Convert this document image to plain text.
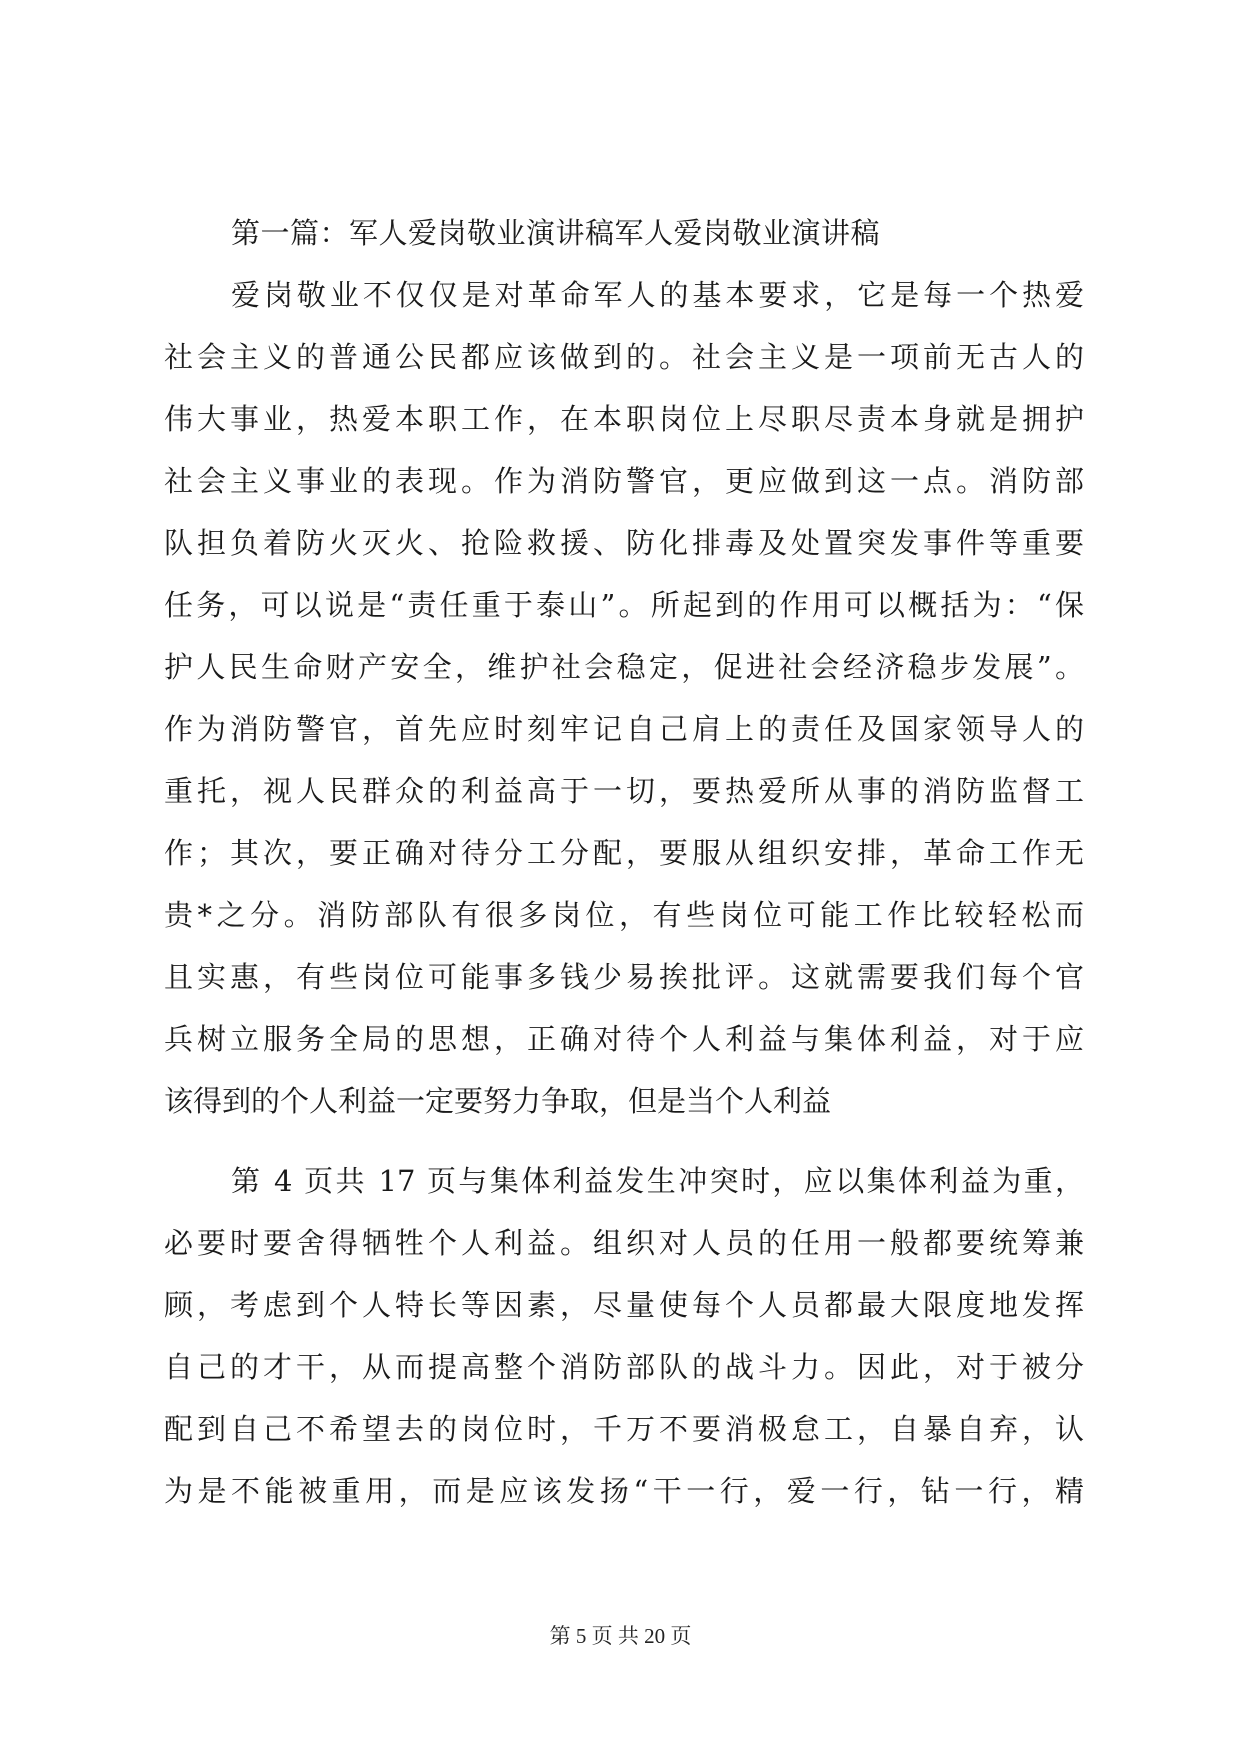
第一篇：军人爱岗敬业演讲稿军人爱岗敬业演讲稿
爱岗敬业不仅仅是对革命军人的基本要求，它是每一个热爱
社会主义的普通公民都应该做到的。社会主义是一项前无古人的
伟大事业，热爱本职工作，在本职岗位上尽职尽责本身就是拥护
社会主义事业的表现。作为消防警官，更应做到这一点。消防部
队担负着防火灭火、抢险救援、防化排毒及处置突发事件等重要
任务，可以说是“责任重于泰山”。所起到的作用可以概括为：“保
护人民生命财产安全，维护社会稳定，促进社会经济稳步发展”。
作为消防警官，首先应时刻牢记自己肩上的责任及国家领导人的
重托，视人民群众的利益高于一切，要热爱所从事的消防监督工
作；其次，要正确对待分工分配，要服从组织安排，革命工作无
贵*之分。消防部队有很多岗位，有些岗位可能工作比较轻松而
且实惠，有些岗位可能事多钱少易挨批评。这就需要我们每个官
兵树立服务全局的思想，正确对待个人利益与集体利益，对于应
该得到的个人利益一定要努力争取，但是当个人利益
第 4 页共 17 页与集体利益发生冲突时，应以集体利益为重，
必要时要舍得牺牲个人利益。组织对人员的任用一般都要统筹兼
顾，考虑到个人特长等因素，尽量使每个人员都最大限度地发挥
自己的才干，从而提高整个消防部队的战斗力。因此，对于被分
配到自己不希望去的岗位时，千万不要消极怠工，自暴自弃，认
为是不能被重用，而是应该发扬“干一行，爱一行，钻一行，精
第 5 页 共 20 页
